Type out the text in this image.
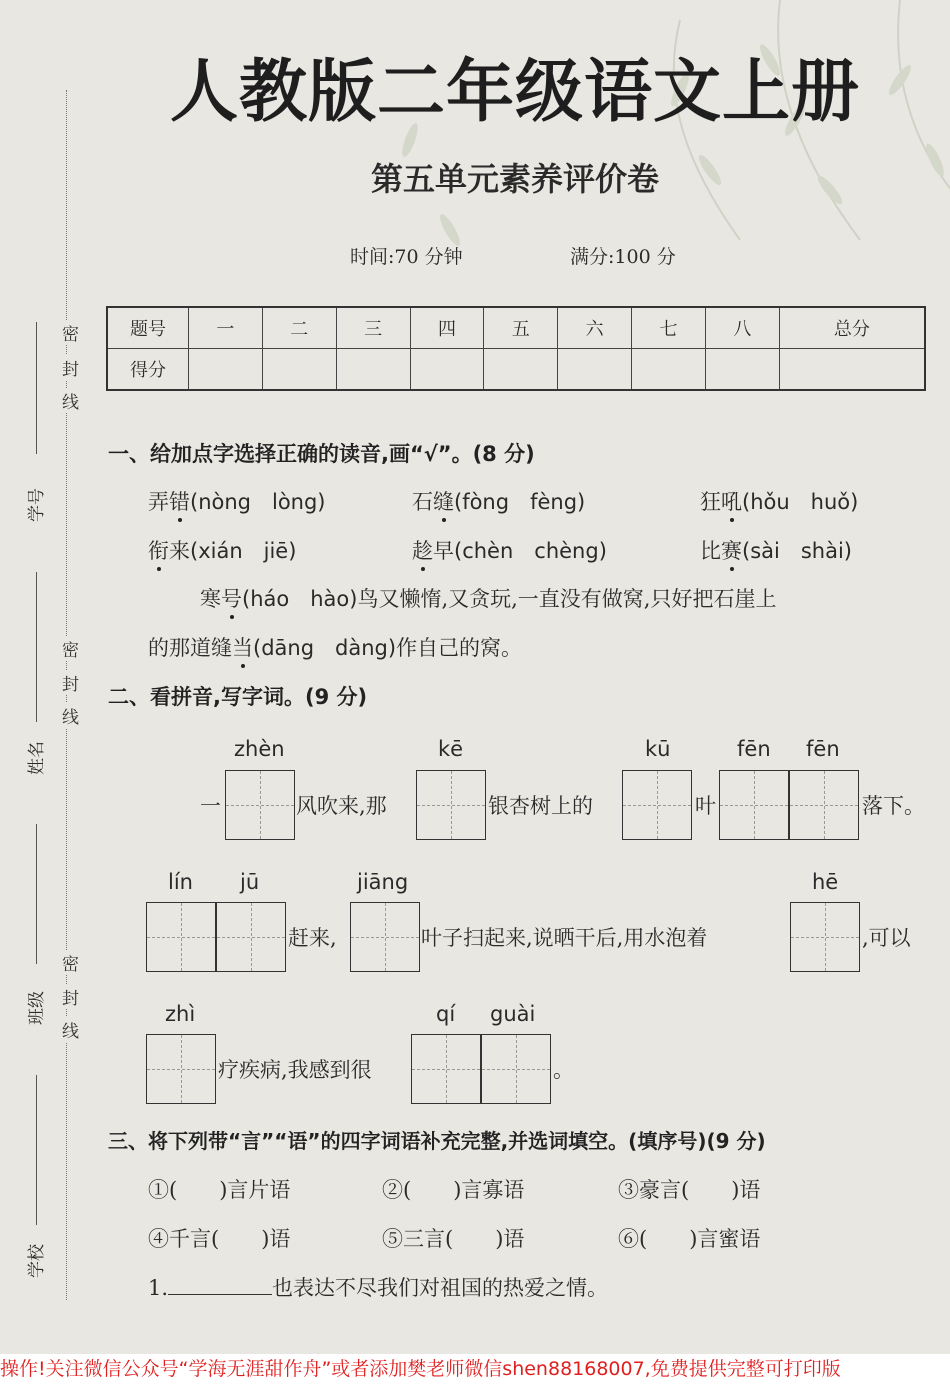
人教版二年级语文上册
第五单元素养评价卷
时间:70 分钟	满分:100 分
题号	一	二	三	四	五	六	七	八	总分
得分									
密
封
线
密
封
线
密
封
线
学号
姓名
班级
学校
一、给加点字选择正确的读音,画“√”。(8 分)
弄错(nòng　lòng)	石缝(fòng　fèng)	狂吼(hǒu　huǒ)
衔来(xián　jiē)	趁早(chèn　chèng)	比赛(sài　shài)
寒号(háo　hào)鸟又懒惰,又贪玩,一直没有做窝,只好把石崖上
的那道缝当(dāng　dàng)作自己的窝。
二、看拼音,写字词。(9 分)
zhèn	kē	kū	fēn fēn
一	风吹来,那	银杏树上的	叶	落下。
lín jū	jiāng	hē
赶来,	叶子扫起来,说晒干后,用水泡着	,可以
zhì	qí guài
疗疾病,我感到很	。
三、将下列带“言”“语”的四字词语补充完整,并选词填空。(填序号)(9 分)
①(　　)言片语	②(　　)言寡语	③豪言(　　)语
④千言(　　)语	⑤三言(　　)语	⑥(　　)言蜜语
1.	也表达不尽我们对祖国的热爱之情。
操作!关注微信公众号“学海无涯甜作舟”或者添加樊老师微信shen88168007,免费提供完整可打印版
